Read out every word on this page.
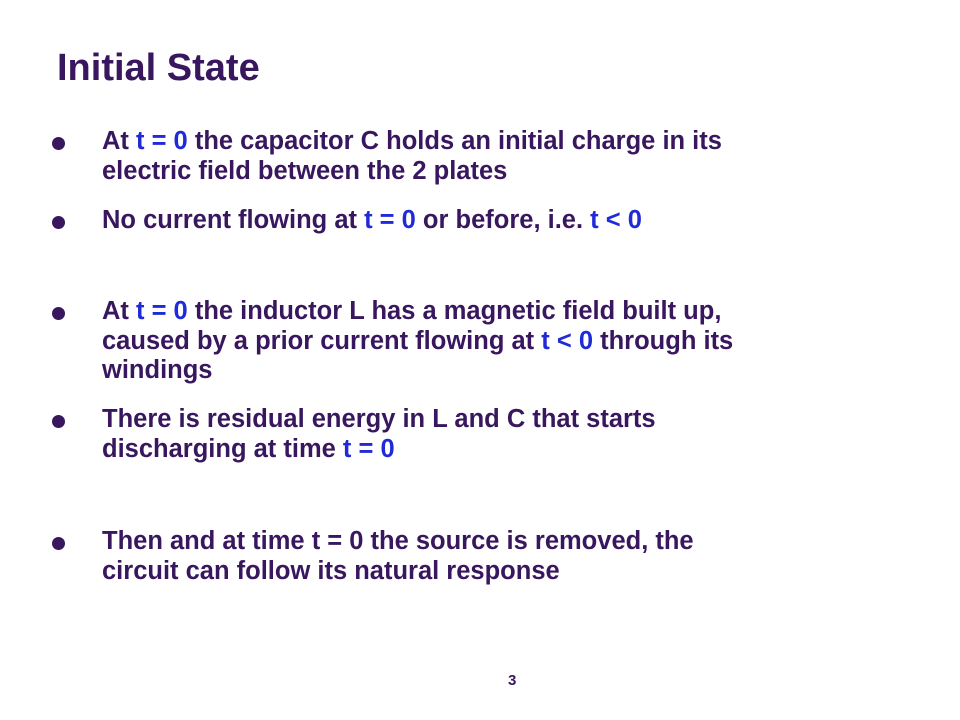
Initial State
At t = 0 the capacitor C holds an initial charge in its
electric field between the 2 plates
No current flowing at t = 0 or before, i.e. t < 0
At t = 0 the inductor L has a magnetic field built up,
caused by a prior current flowing at t < 0 through its
windings
There is residual energy in L and C that starts
discharging at time t = 0
Then and at time t = 0 the source is removed, the
circuit can follow its natural response
3
